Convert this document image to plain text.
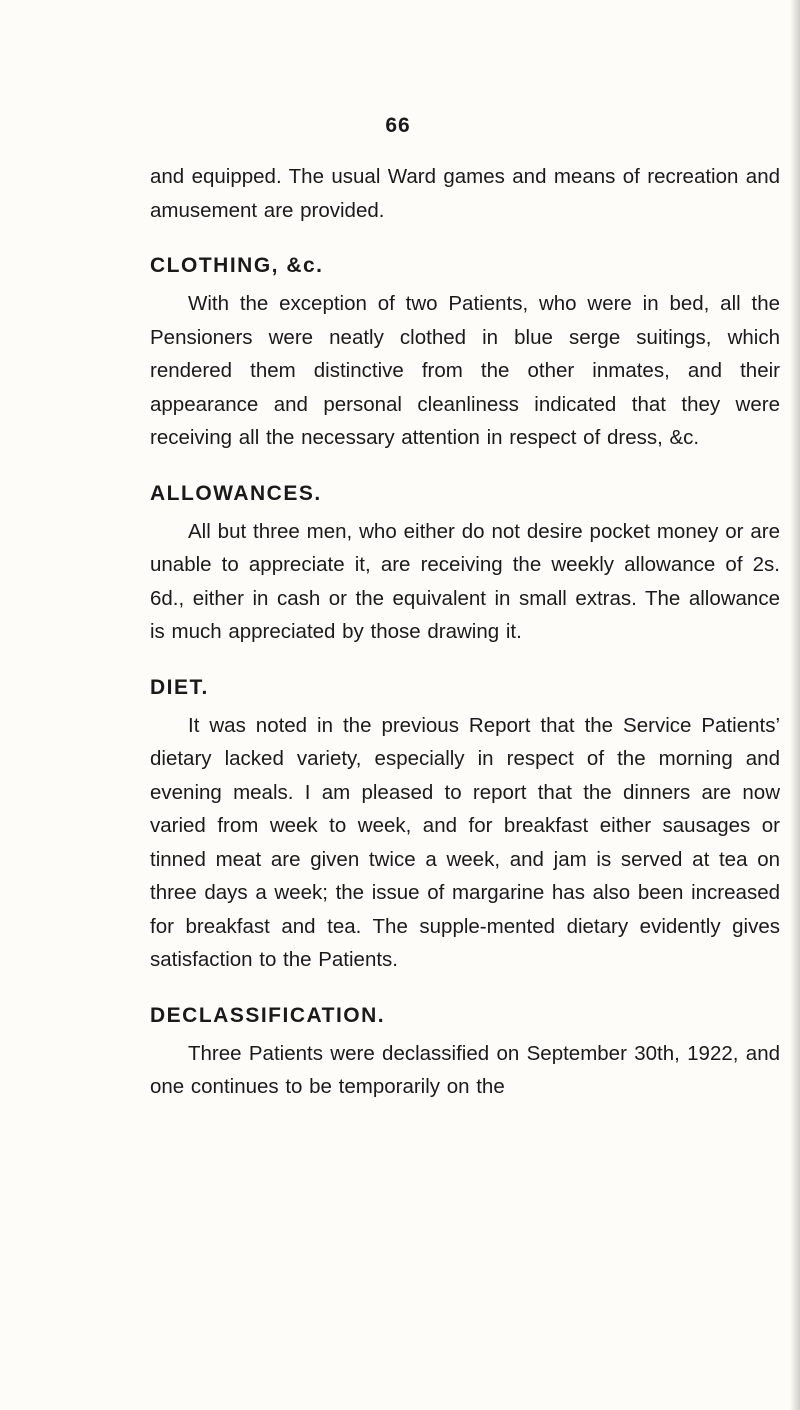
66

and equipped. The usual Ward games and means of recreation and amusement are provided.

CLOTHING, &c.

With the exception of two Patients, who were in bed, all the Pensioners were neatly clothed in blue serge suitings, which rendered them distinctive from the other inmates, and their appearance and personal cleanliness indicated that they were receiving all the necessary attention in respect of dress, &c.

ALLOWANCES.

All but three men, who either do not desire pocket money or are unable to appreciate it, are receiving the weekly allowance of 2s. 6d., either in cash or the equivalent in small extras. The allowance is much appreciated by those drawing it.

DIET.

It was noted in the previous Report that the Service Patients’ dietary lacked variety, especially in respect of the morning and evening meals. I am pleased to report that the dinners are now varied from week to week, and for breakfast either sausages or tinned meat are given twice a week, and jam is served at tea on three days a week; the issue of margarine has also been increased for breakfast and tea. The supple-mented dietary evidently gives satisfaction to the Patients.

DECLASSIFICATION.

Three Patients were declassified on September 30th, 1922, and one continues to be temporarily on the
